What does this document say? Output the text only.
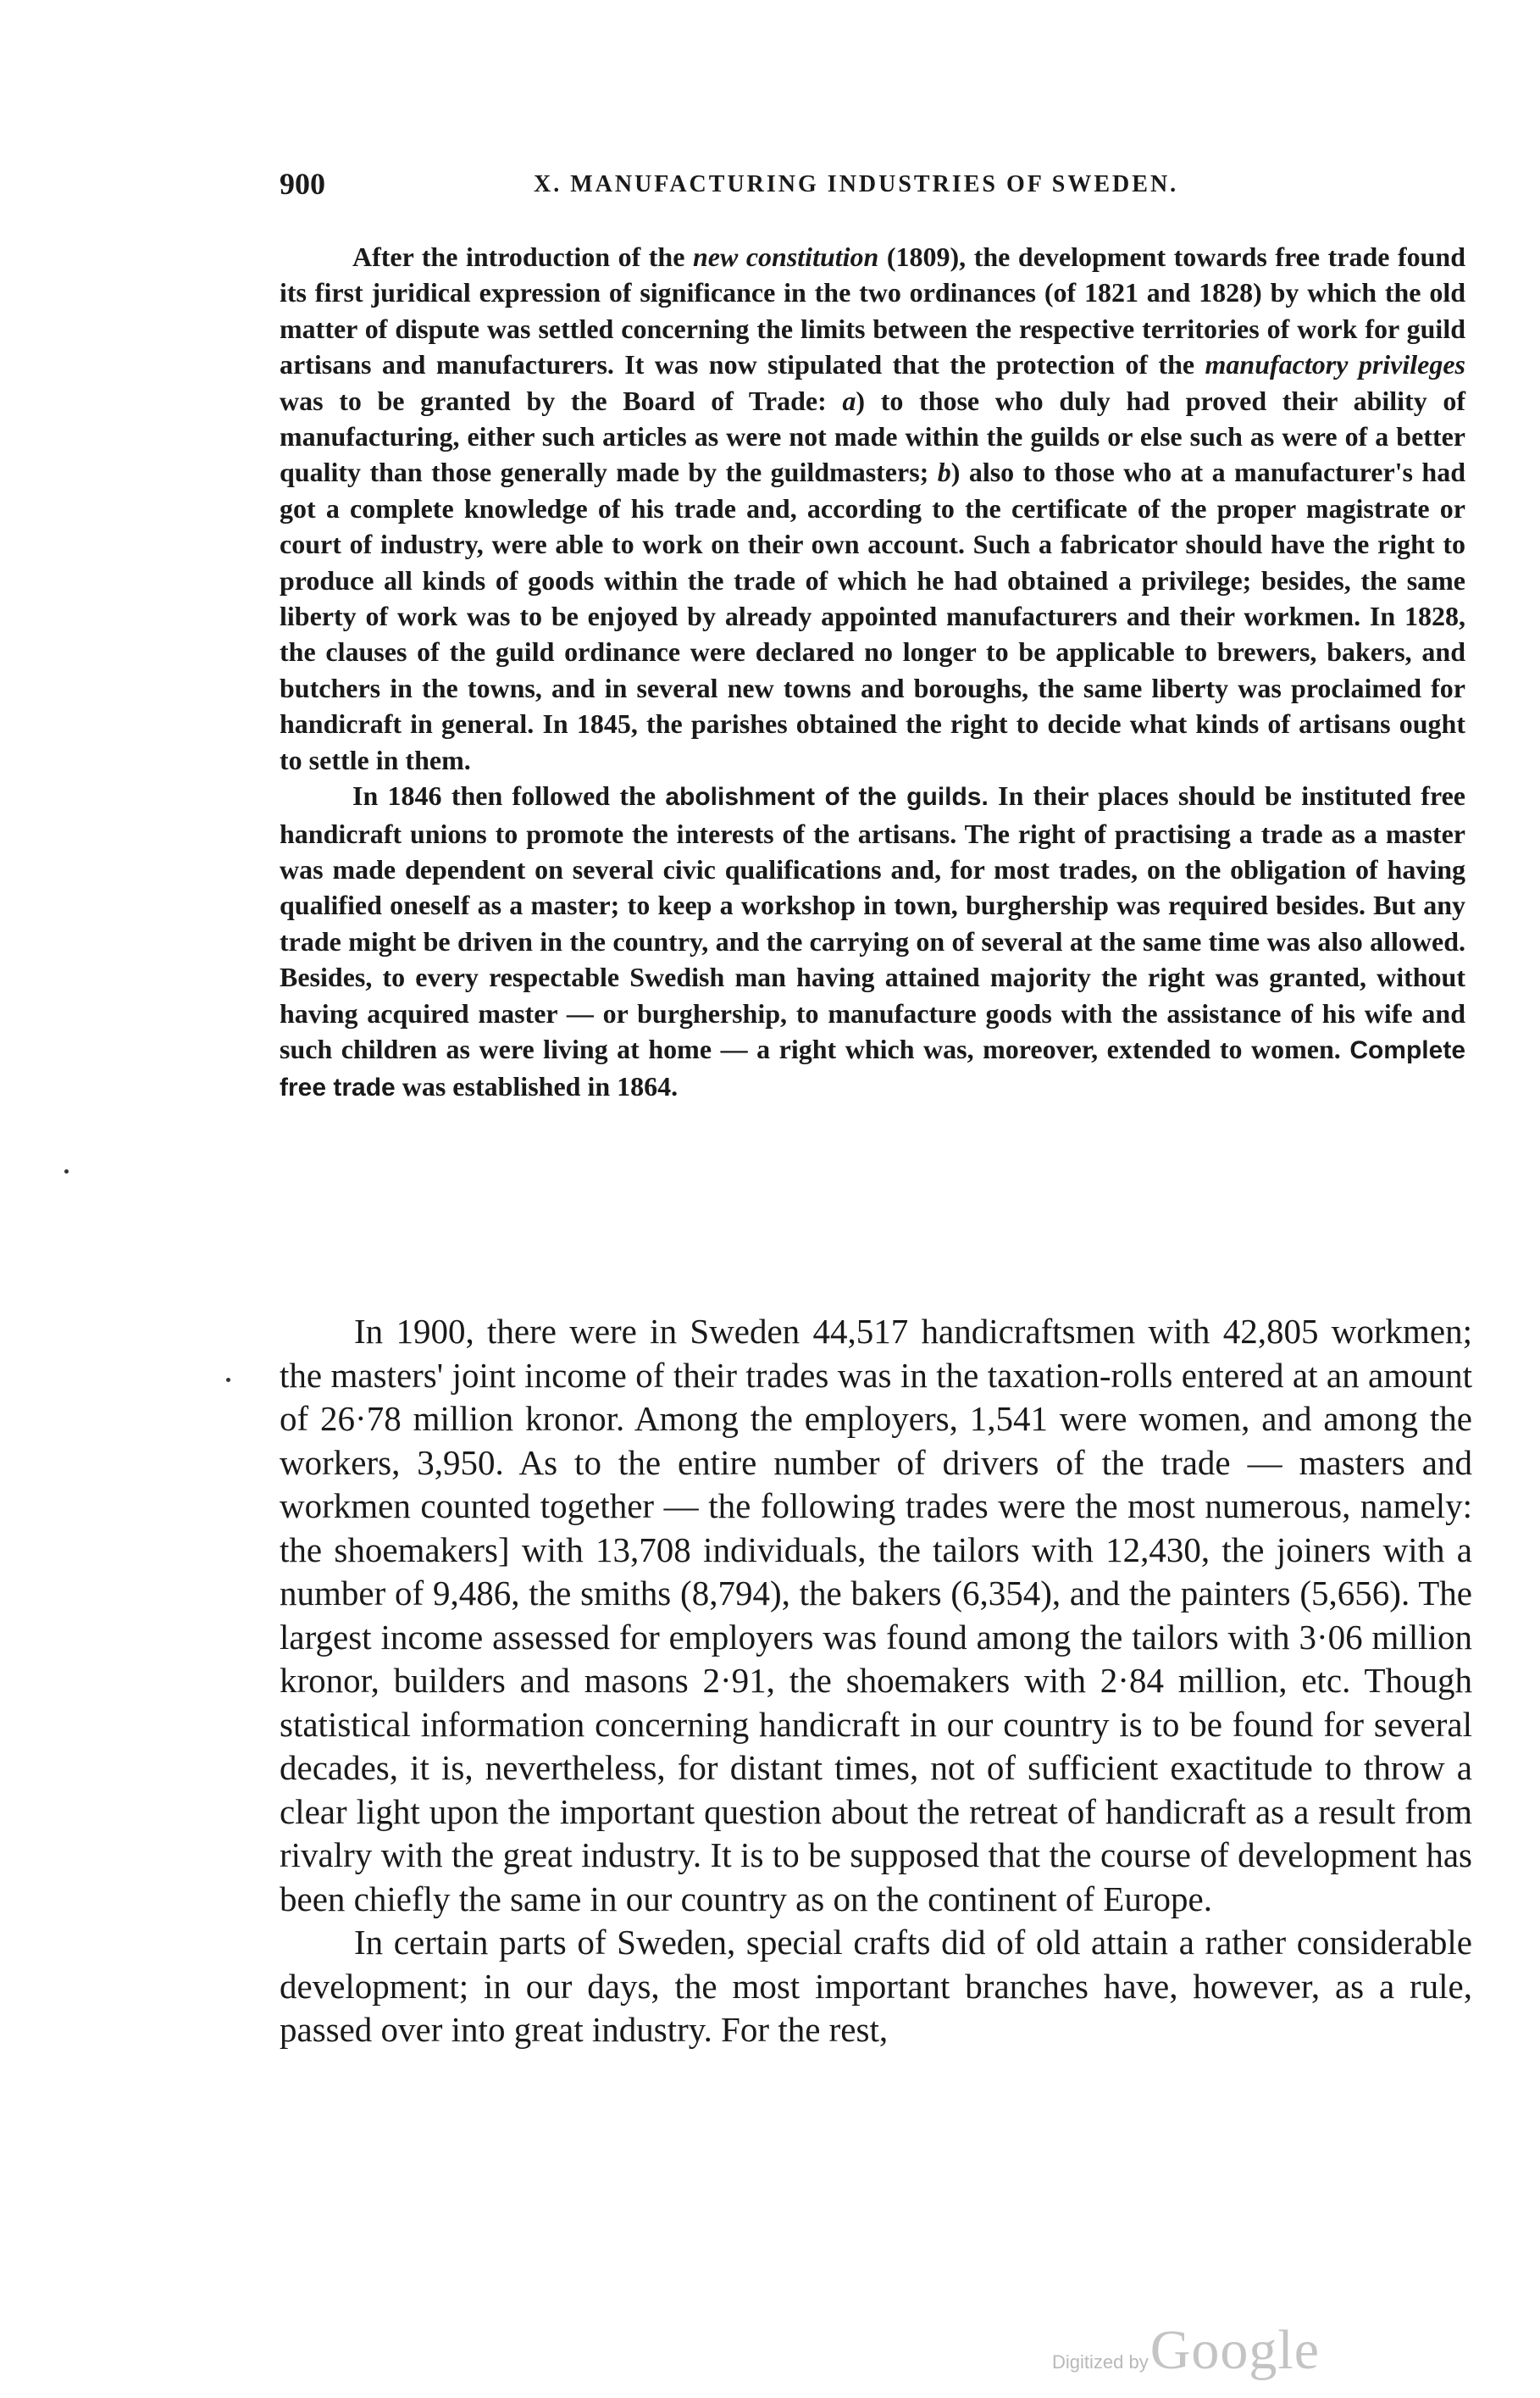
900	X. MANUFACTURING INDUSTRIES OF SWEDEN.

After the introduction of the new constitution (1809), the development towards free trade found its first juridical expression of significance in the two ordinances (of 1821 and 1828) by which the old matter of dispute was settled concerning the limits between the respective territories of work for guild artisans and manufacturers. It was now stipulated that the protection of the manufactory privileges was to be granted by the Board of Trade: a) to those who duly had proved their ability of manufacturing, either such articles as were not made within the guilds or else such as were of a better quality than those generally made by the guildmasters; b) also to those who at a manufacturer's had got a complete knowledge of his trade and, according to the certificate of the proper magistrate or court of industry, were able to work on their own account. Such a fabricator should have the right to produce all kinds of goods within the trade of which he had obtained a privilege; besides, the same liberty of work was to be enjoyed by already appointed manufacturers and their workmen. In 1828, the clauses of the guild ordinance were declared no longer to be applicable to brewers, bakers, and butchers in the towns, and in several new towns and boroughs, the same liberty was proclaimed for handicraft in general. In 1845, the parishes obtained the right to decide what kinds of artisans ought to settle in them.

In 1846 then followed the abolishment of the guilds. In their places should be instituted free handicraft unions to promote the interests of the artisans. The right of practising a trade as a master was made dependent on several civic qualifications and, for most trades, on the obligation of having qualified oneself as a master; to keep a workshop in town, burghership was required besides. But any trade might be driven in the country, and the carrying on of several at the same time was also allowed. Besides, to every respectable Swedish man having attained majority the right was granted, without having acquired master — or burghership, to manufacture goods with the assistance of his wife and such children as were living at home — a right which was, moreover, extended to women. Complete free trade was established in 1864.

In 1900, there were in Sweden 44,517 handicraftsmen with 42,805 workmen; the masters' joint income of their trades was in the taxation-rolls entered at an amount of 26·78 million kronor. Among the employers, 1,541 were women, and among the workers, 3,950. As to the entire number of drivers of the trade — masters and workmen counted together — the following trades were the most numerous, namely: the shoemakers] with 13,708 individuals, the tailors with 12,430, the joiners with a number of 9,486, the smiths (8,794), the bakers (6,354), and the painters (5,656). The largest income assessed for employers was found among the tailors with 3·06 million kronor, builders and masons 2·91, the shoemakers with 2·84 million, etc. Though statistical information concerning handicraft in our country is to be found for several decades, it is, nevertheless, for distant times, not of sufficient exactitude to throw a clear light upon the important question about the retreat of handicraft as a result from rivalry with the great industry. It is to be supposed that the course of development has been chiefly the same in our country as on the continent of Europe.

In certain parts of Sweden, special crafts did of old attain a rather considerable development; in our days, the most important branches have, however, as a rule, passed over into great industry. For the rest,

Digitized by Google
